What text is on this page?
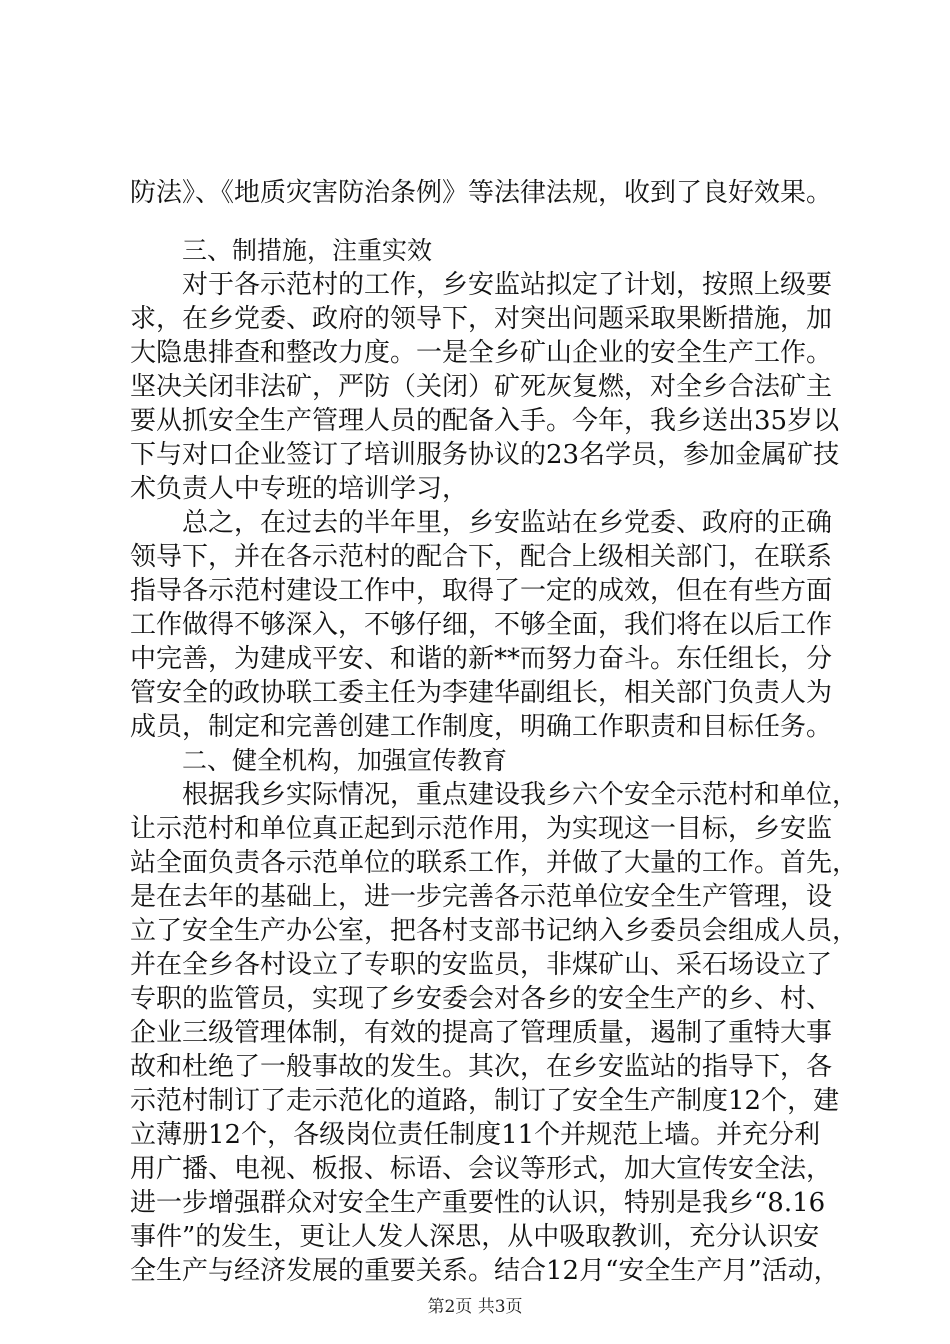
防法》、《地质灾害防治条例》等法律法规，收到了良好效果。
三、制措施，注重实效
对于各示范村的工作，乡安监站拟定了计划，按照上级要
求，在乡党委、政府的领导下，对突出问题采取果断措施，加
大隐患排查和整改力度。一是全乡矿山企业的安全生产工作。
坚决关闭非法矿，严防（关闭）矿死灰复燃，对全乡合法矿主
要从抓安全生产管理人员的配备入手。今年，我乡送出35岁以
下与对口企业签订了培训服务协议的23名学员，参加金属矿技
术负责人中专班的培训学习，
总之，在过去的半年里，乡安监站在乡党委、政府的正确
领导下，并在各示范村的配合下，配合上级相关部门，在联系
指导各示范村建设工作中，取得了一定的成效，但在有些方面
工作做得不够深入，不够仔细，不够全面，我们将在以后工作
中完善，为建成平安、和谐的新**而努力奋斗。东任组长，分
管安全的政协联工委主任为李建华副组长，相关部门负责人为
成员，制定和完善创建工作制度，明确工作职责和目标任务。
二、健全机构，加强宣传教育
根据我乡实际情况，重点建设我乡六个安全示范村和单位，
让示范村和单位真正起到示范作用，为实现这一目标，乡安监
站全面负责各示范单位的联系工作，并做了大量的工作。首先，
是在去年的基础上，进一步完善各示范单位安全生产管理，设
立了安全生产办公室，把各村支部书记纳入乡委员会组成人员，
并在全乡各村设立了专职的安监员，非煤矿山、采石场设立了
专职的监管员，实现了乡安委会对各乡的安全生产的乡、村、
企业三级管理体制，有效的提高了管理质量，遏制了重特大事
故和杜绝了一般事故的发生。其次，在乡安监站的指导下，各
示范村制订了走示范化的道路，制订了安全生产制度12个，建
立薄册12个，各级岗位责任制度11个并规范上墙。并充分利
用广播、电视、板报、标语、会议等形式，加大宣传安全法，
进一步增强群众对安全生产重要性的认识，特别是我乡“8.16
事件”的发生，更让人发人深思，从中吸取教训，充分认识安
全生产与经济发展的重要关系。结合12月“安全生产月”活动，
第2页 共3页
